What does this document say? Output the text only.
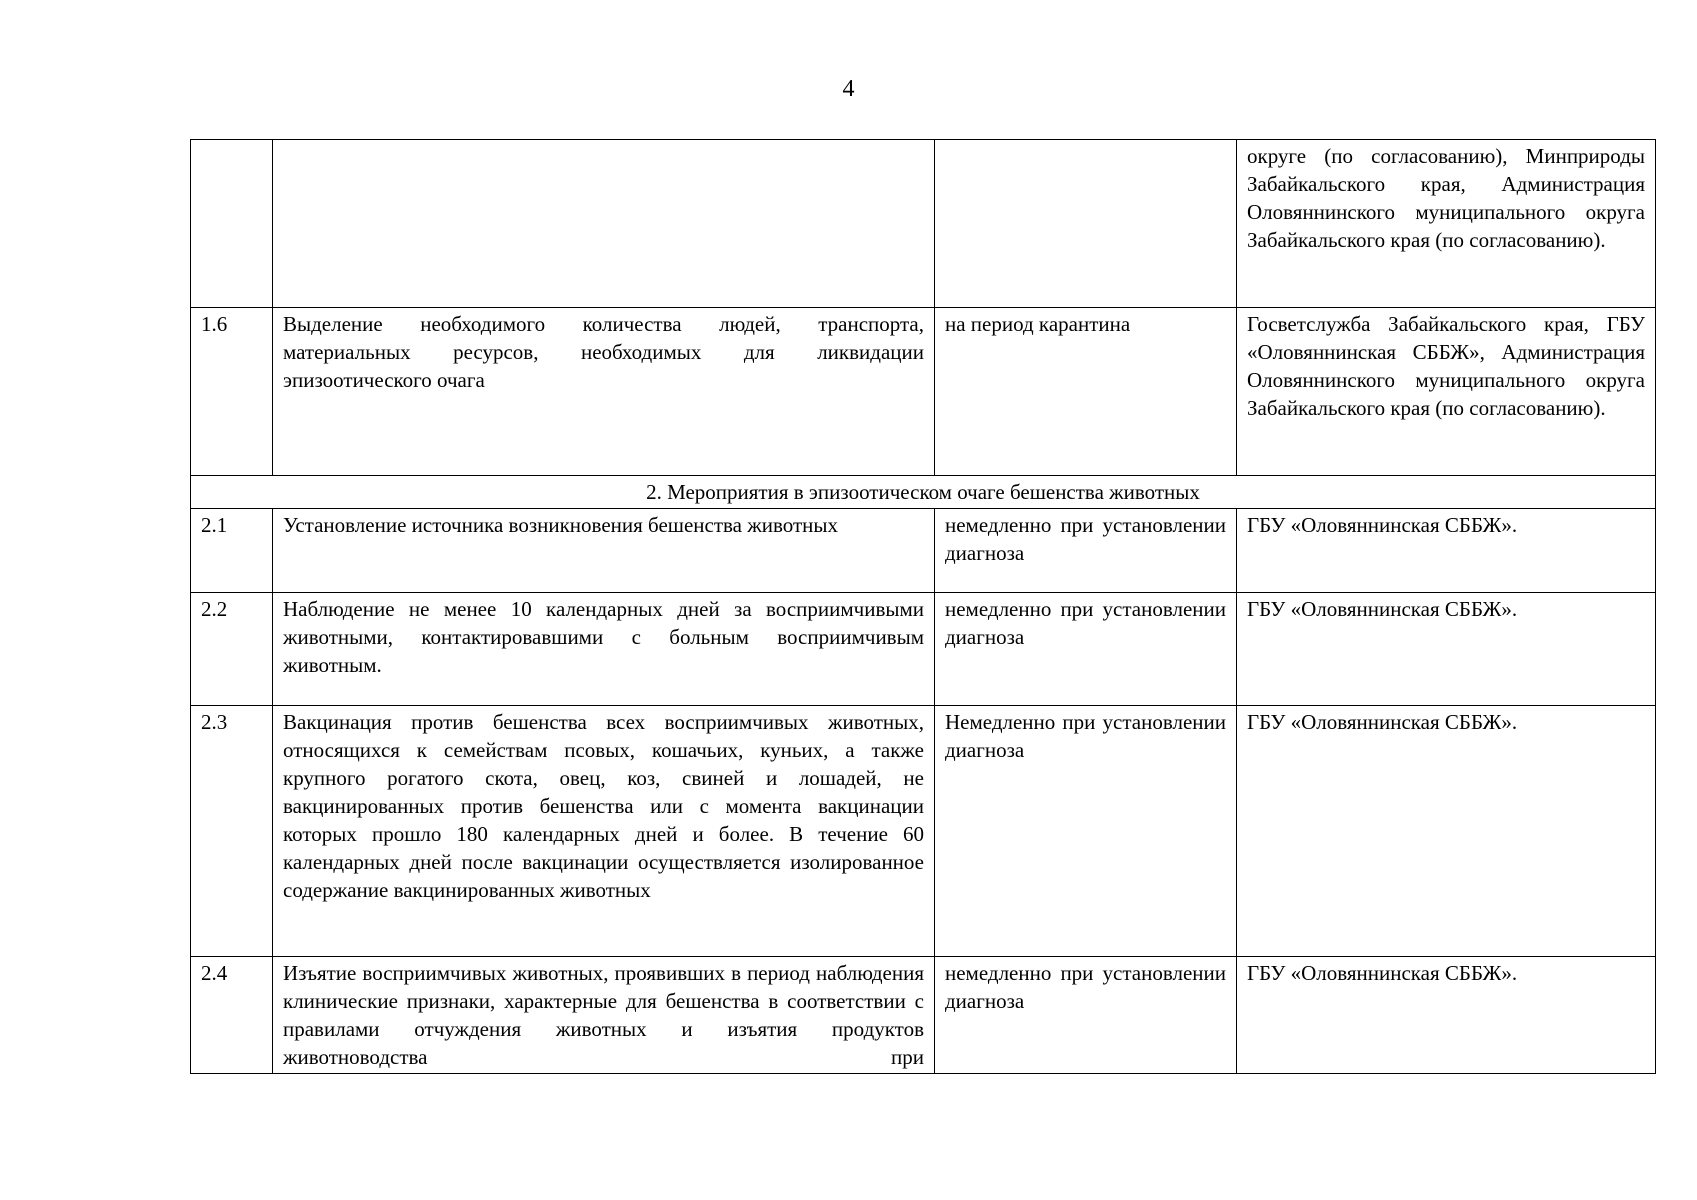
4
			округе (по согласованию), Минприроды Забайкальского края, Администрация Оловяннинского муниципального округа Забайкальского края (по согласованию).
1.6	Выделение необходимого количества людей, транспорта, материальных ресурсов, необходимых для ликвидации эпизоотического очага	на период карантина	Госветслужба Забайкальского края, ГБУ «Оловяннинская СББЖ», Администрация Оловяннинского муниципального округа Забайкальского края (по согласованию).
2. Мероприятия в эпизоотическом очаге бешенства животных			
2.1	Установление источника возникновения бешенства животных	немедленно при установлении диагноза	ГБУ «Оловяннинская СББЖ».
2.2	Наблюдение не менее 10 календарных дней за восприимчивыми животными, контактировавшими с больным восприимчивым животным.	немедленно при установлении диагноза	ГБУ «Оловяннинская СББЖ».
2.3	Вакцинация против бешенства всех восприимчивых животных, относящихся к семействам псовых, кошачьих, куньих, а также крупного рогатого скота, овец, коз, свиней и лошадей, не вакцинированных против бешенства или с момента вакцинации которых прошло 180 календарных дней и более. В течение 60 календарных дней после вакцинации осуществляется изолированное содержание вакцинированных животных	Немедленно при установлении диагноза	ГБУ «Оловяннинская СББЖ».
2.4	Изъятие восприимчивых животных, проявивших в период наблюдения клинические признаки, характерные для бешенства в соответствии с правилами отчуждения животных и изъятия продуктов животноводства при	немедленно при установлении диагноза	ГБУ «Оловяннинская СББЖ».
